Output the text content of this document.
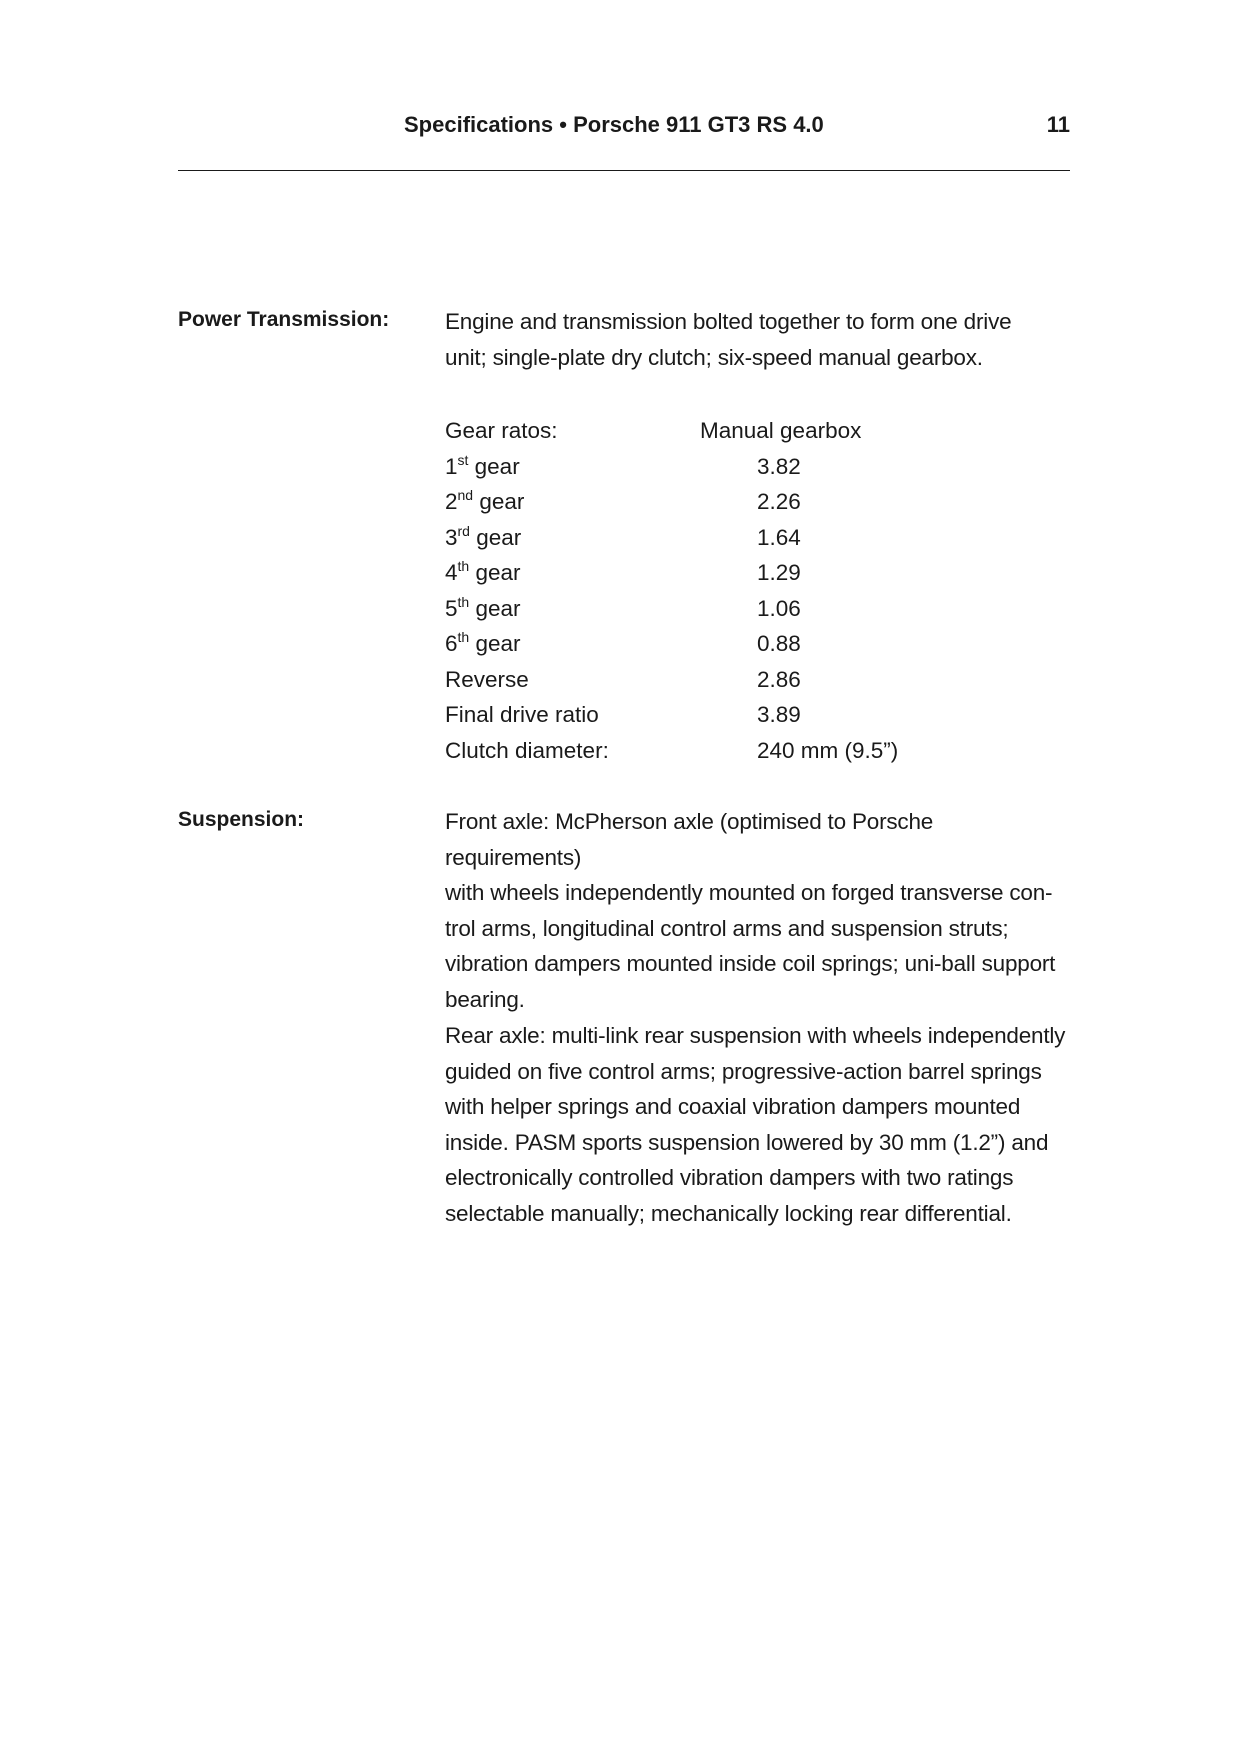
Specifications • Porsche 911 GT3 RS 4.0	11
Power Transmission: Engine and transmission bolted together to form one drive

unit; single-plate dry clutch; six-speed manual gearbox.

Gear ratos:	Manual gearbox
1st gear	3.82
2nd gear	2.26
3rd gear	1.64
4th gear	1.29
5th gear	1.06
6th gear	0.88
Reverse	2.86
Final drive ratio	3.89
Clutch diameter:	240 mm (9.5”)
Suspension:	Front axle: McPherson axle (optimised to Porsche requirements)

with wheels independently mounted on forged transverse con-

trol arms, longitudinal control arms and suspension struts;

vibration dampers mounted inside coil springs; uni-ball support

bearing.

Rear axle: multi-link rear suspension with wheels independently

guided on five control arms; progressive-action barrel springs

with helper springs and coaxial vibration dampers mounted

inside. PASM sports suspension lowered by 30 mm (1.2”) and

electronically controlled vibration dampers with two ratings

selectable manually; mechanically locking rear differential.
